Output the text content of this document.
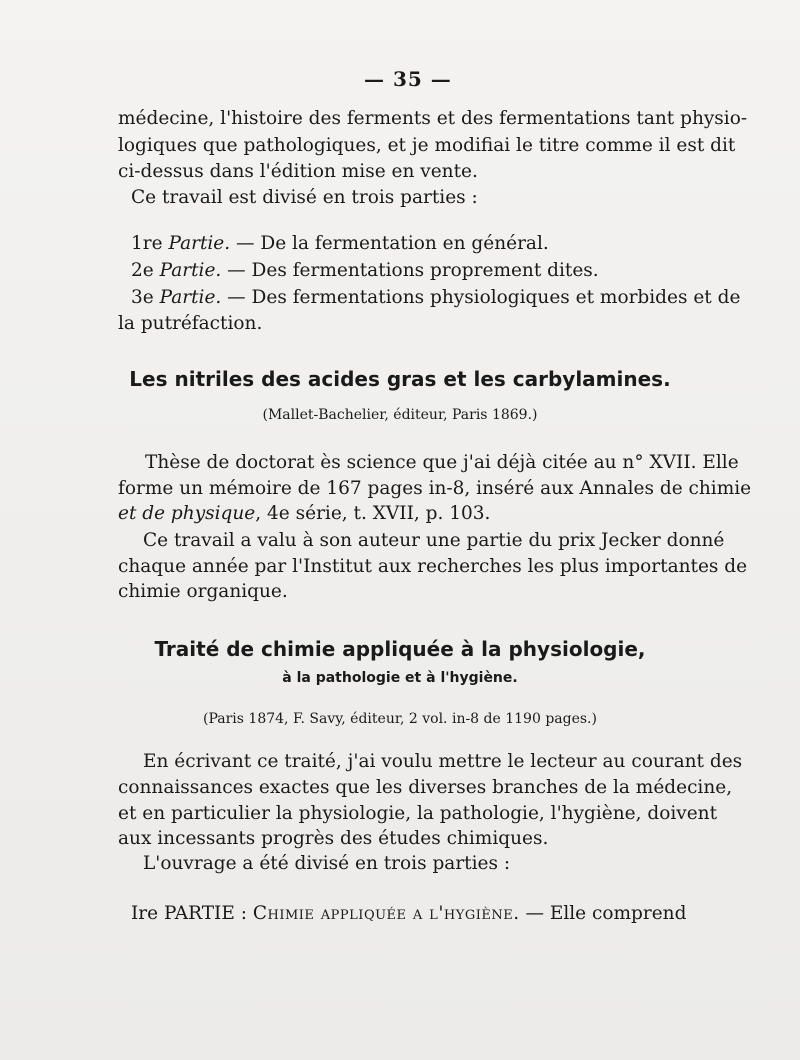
— 35 —
médecine, l'histoire des ferments et des fermentations tant physio-
logiques que pathologiques, et je modifiai le titre comme il est dit
ci-dessus dans l'édition mise en vente.
Ce travail est divisé en trois parties :
1re Partie. — De la fermentation en général.
2e Partie. — Des fermentations proprement dites.
3e Partie. — Des fermentations physiologiques et morbides et de
la putréfaction.
Les nitriles des acides gras et les carbylamines.
(Mallet-Bachelier, éditeur, Paris 1869.)
Thèse de doctorat ès science que j'ai déjà citée au n° XVII. Elle
forme un mémoire de 167 pages in-8, inséré aux Annales de chimie
et de physique, 4e série, t. XVII, p. 103.
Ce travail a valu à son auteur une partie du prix Jecker donné
chaque année par l'Institut aux recherches les plus importantes de
chimie organique.
Traité de chimie appliquée à la physiologie,
à la pathologie et à l'hygiène.
(Paris 1874, F. Savy, éditeur, 2 vol. in-8 de 1190 pages.)
En écrivant ce traité, j'ai voulu mettre le lecteur au courant des
connaissances exactes que les diverses branches de la médecine,
et en particulier la physiologie, la pathologie, l'hygiène, doivent
aux incessants progrès des études chimiques.
L'ouvrage a été divisé en trois parties :
Ire PARTIE : Chimie appliquée a l'hygiène. — Elle comprend
